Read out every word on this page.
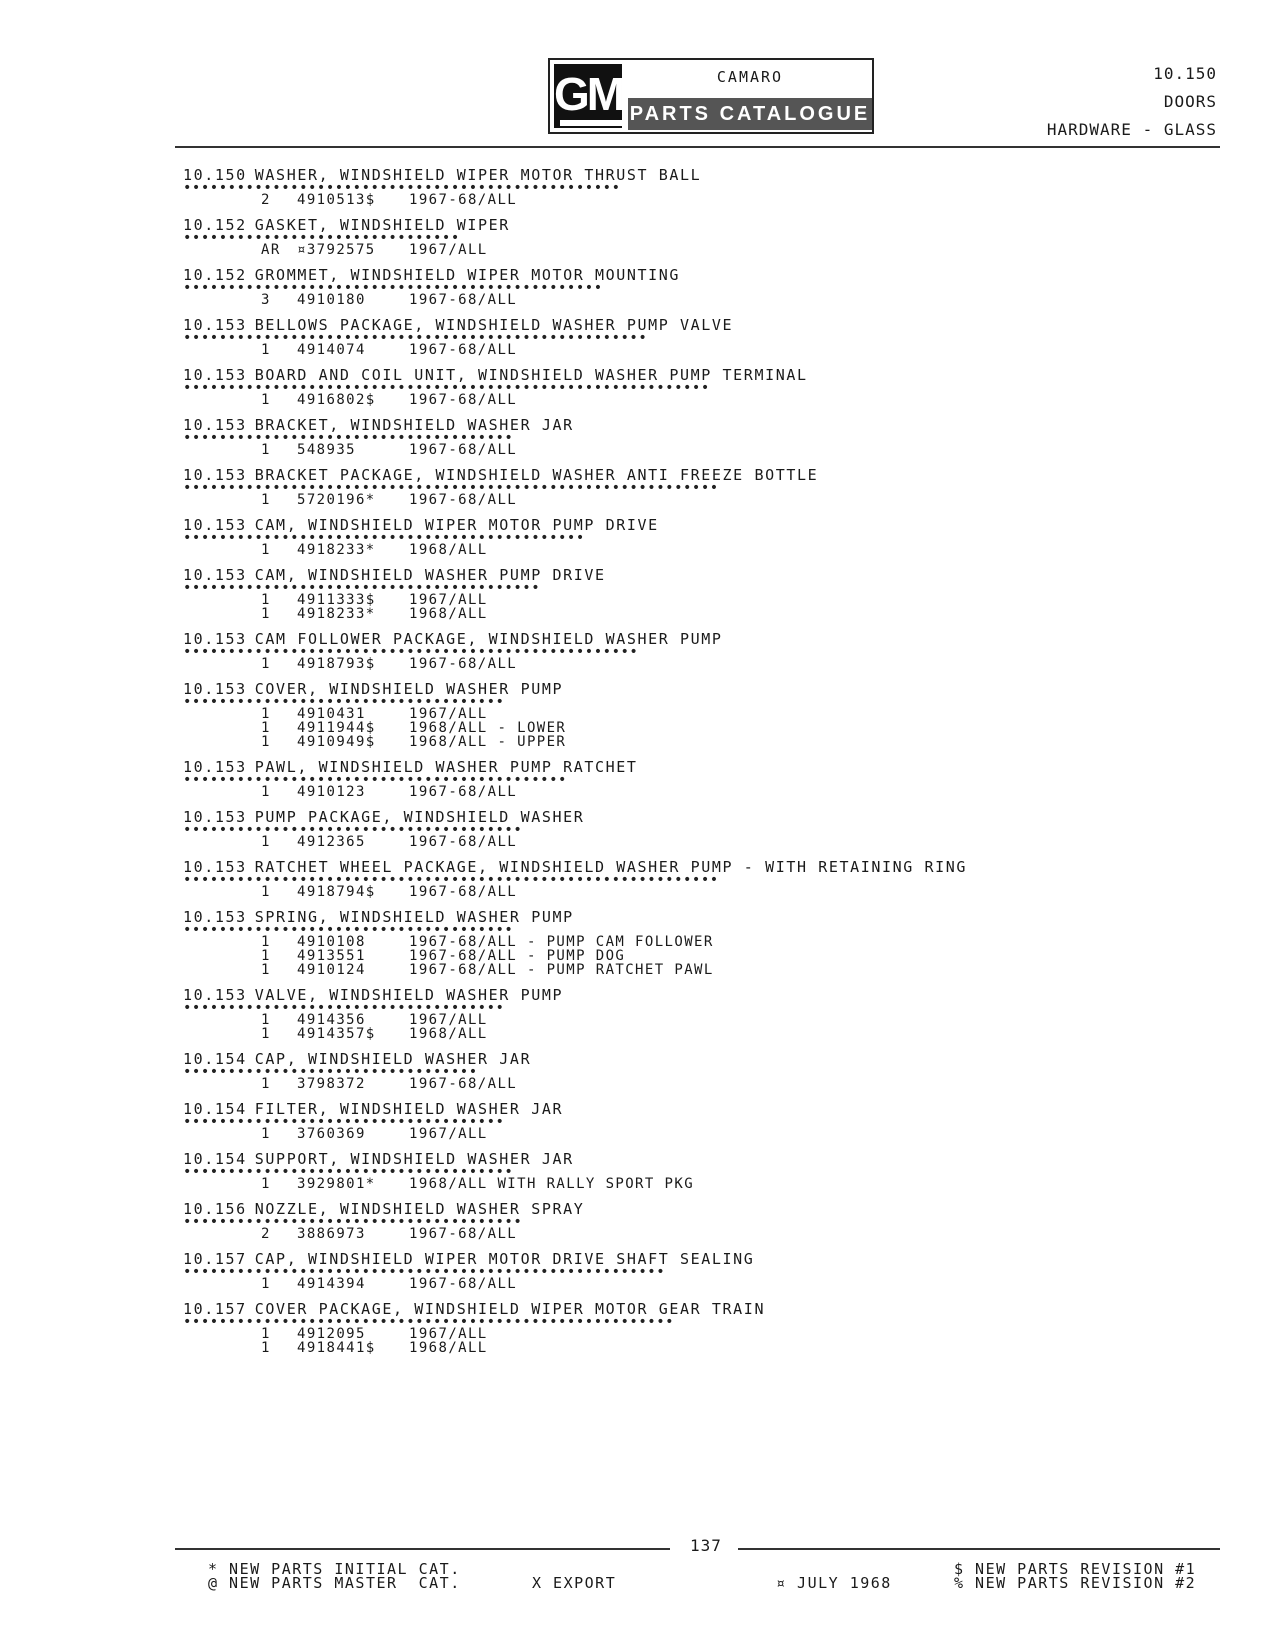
GM	CAMARO
PARTS CATALOGUE
10.150
DOORS
HARDWARE - GLASS
10.150 WASHER, WINDSHIELD WIPER MOTOR THRUST BALL
•••••••••••••••••••••••••••••••••••••••••••••••••
2	4910513$	1967-68/ALL
10.152 GASKET, WINDSHIELD WIPER
•••••••••••••••••••••••••••••••
AR	¤3792575	1967/ALL
10.152 GROMMET, WINDSHIELD WIPER MOTOR MOUNTING
•••••••••••••••••••••••••••••••••••••••••••••••
3	4910180	1967-68/ALL
10.153 BELLOWS PACKAGE, WINDSHIELD WASHER PUMP VALVE
••••••••••••••••••••••••••••••••••••••••••••••••••••
1	4914074	1967-68/ALL
10.153 BOARD AND COIL UNIT, WINDSHIELD WASHER PUMP TERMINAL
•••••••••••••••••••••••••••••••••••••••••••••••••••••••••••
1	4916802$	1967-68/ALL
10.153 BRACKET, WINDSHIELD WASHER JAR
•••••••••••••••••••••••••••••••••••••
1	548935	1967-68/ALL
10.153 BRACKET PACKAGE, WINDSHIELD WASHER ANTI FREEZE BOTTLE
••••••••••••••••••••••••••••••••••••••••••••••••••••••••••••
1	5720196*	1967-68/ALL
10.153 CAM, WINDSHIELD WIPER MOTOR PUMP DRIVE
•••••••••••••••••••••••••••••••••••••••••••••
1	4918233*	1968/ALL
10.153 CAM, WINDSHIELD WASHER PUMP DRIVE
••••••••••••••••••••••••••••••••••••••••
1	4911333$	1967/ALL
1	4918233*	1968/ALL
10.153 CAM FOLLOWER PACKAGE, WINDSHIELD WASHER PUMP
•••••••••••••••••••••••••••••••••••••••••••••••••••
1	4918793$	1967-68/ALL
10.153 COVER, WINDSHIELD WASHER PUMP
••••••••••••••••••••••••••••••••••••
1	4910431	1967/ALL
1	4911944$	1968/ALL - LOWER
1	4910949$	1968/ALL - UPPER
10.153 PAWL, WINDSHIELD WASHER PUMP RATCHET
•••••••••••••••••••••••••••••••••••••••••••
1	4910123	1967-68/ALL
10.153 PUMP PACKAGE, WINDSHIELD WASHER
••••••••••••••••••••••••••••••••••••••
1	4912365	1967-68/ALL
10.153 RATCHET WHEEL PACKAGE, WINDSHIELD WASHER PUMP - WITH RETAINING RING
••••••••••••••••••••••••••••••••••••••••••••••••••••••••••••
1	4918794$	1967-68/ALL
10.153 SPRING, WINDSHIELD WASHER PUMP
•••••••••••••••••••••••••••••••••••••
1	4910108	1967-68/ALL - PUMP CAM FOLLOWER
1	4913551	1967-68/ALL - PUMP DOG
1	4910124	1967-68/ALL - PUMP RATCHET PAWL
10.153 VALVE, WINDSHIELD WASHER PUMP
••••••••••••••••••••••••••••••••••••
1	4914356	1967/ALL
1	4914357$	1968/ALL
10.154 CAP, WINDSHIELD WASHER JAR
•••••••••••••••••••••••••••••••••
1	3798372	1967-68/ALL
10.154 FILTER, WINDSHIELD WASHER JAR
••••••••••••••••••••••••••••••••••••
1	3760369	1967/ALL
10.154 SUPPORT, WINDSHIELD WASHER JAR
•••••••••••••••••••••••••••••••••••••
1	3929801*	1968/ALL WITH RALLY SPORT PKG
10.156 NOZZLE, WINDSHIELD WASHER SPRAY
••••••••••••••••••••••••••••••••••••••
2	3886973	1967-68/ALL
10.157 CAP, WINDSHIELD WIPER MOTOR DRIVE SHAFT SEALING
••••••••••••••••••••••••••••••••••••••••••••••••••••••
1	4914394	1967-68/ALL
10.157 COVER PACKAGE, WINDSHIELD WIPER MOTOR GEAR TRAIN
•••••••••••••••••••••••••••••••••••••••••••••••••••••••
1	4912095	1967/ALL
1	4918441$	1968/ALL
137
* NEW PARTS INITIAL CAT.
@ NEW PARTS MASTER  CAT.	X EXPORT	¤ JULY 1968
$ NEW PARTS REVISION #1
% NEW PARTS REVISION #2
